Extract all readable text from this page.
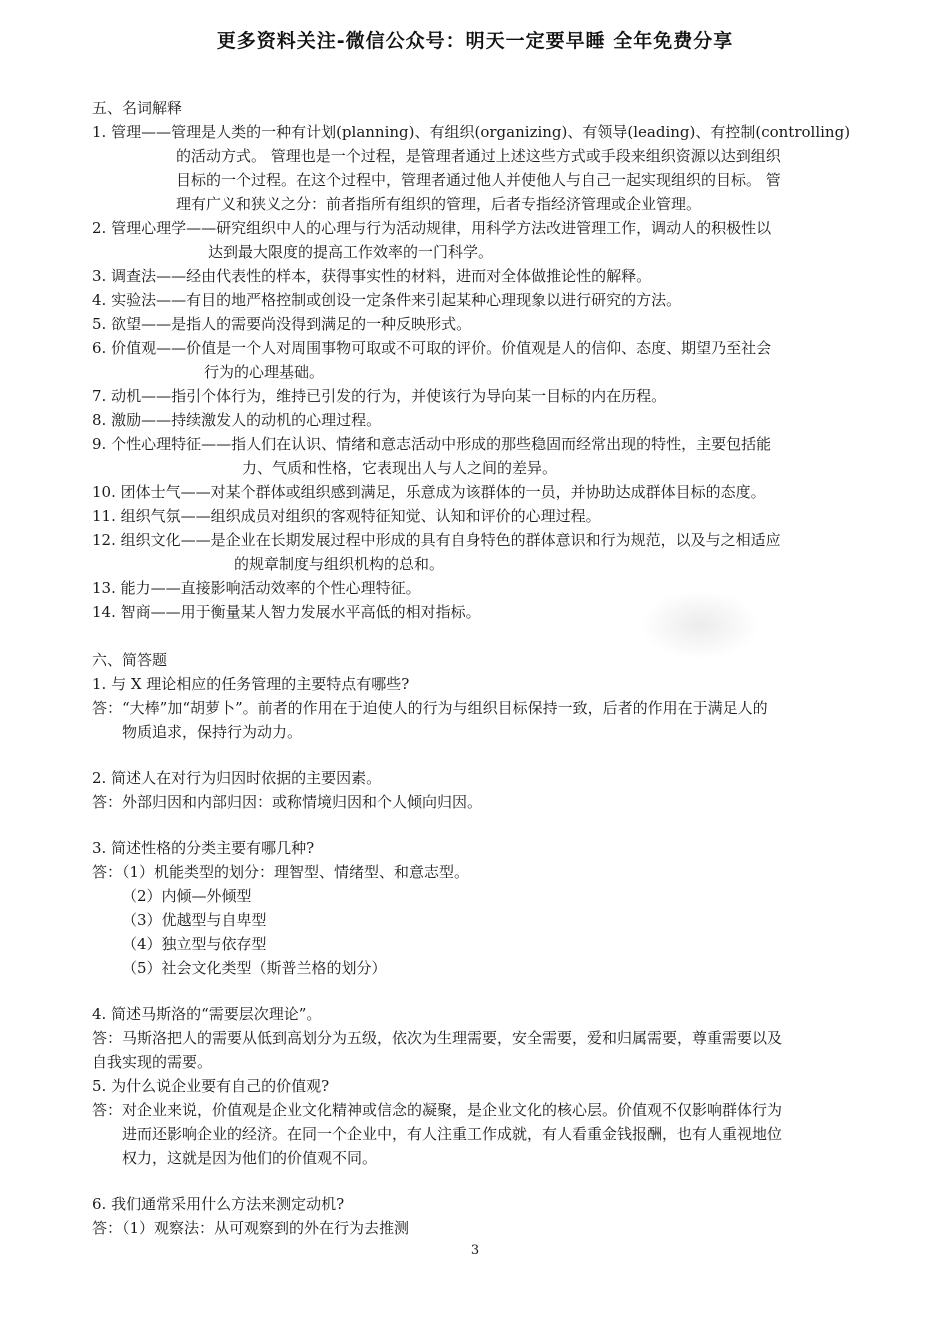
更多资料关注-微信公众号：明天一定要早睡 全年免费分享

五、名词解释

1. 管理——管理是人类的一种有计划(planning)、有组织(organizing)、有领导(leading)、有控制(controlling)
的活动方式。 管理也是一个过程，是管理者通过上述这些方式或手段来组织资源以达到组织
目标的一个过程。在这个过程中，管理者通过他人并使他人与自己一起实现组织的目标。 管
理有广义和狭义之分：前者指所有组织的管理，后者专指经济管理或企业管理。
2. 管理心理学——研究组织中人的心理与行为活动规律，用科学方法改进管理工作，调动人的积极性以
达到最大限度的提高工作效率的一门科学。
3. 调查法——经由代表性的样本，获得事实性的材料，进而对全体做推论性的解释。
4. 实验法——有目的地严格控制或创设一定条件来引起某种心理现象以进行研究的方法。
5. 欲望——是指人的需要尚没得到满足的一种反映形式。
6. 价值观——价值是一个人对周围事物可取或不可取的评价。价值观是人的信仰、态度、期望乃至社会
行为的心理基础。
7. 动机——指引个体行为，维持已引发的行为，并使该行为导向某一目标的内在历程。
8. 激励——持续激发人的动机的心理过程。
9. 个性心理特征——指人们在认识、情绪和意志活动中形成的那些稳固而经常出现的特性，主要包括能
力、气质和性格，它表现出人与人之间的差异。
10. 团体士气——对某个群体或组织感到满足，乐意成为该群体的一员，并协助达成群体目标的态度。
11. 组织气氛——组织成员对组织的客观特征知觉、认知和评价的心理过程。
12. 组织文化——是企业在长期发展过程中形成的具有自身特色的群体意识和行为规范，以及与之相适应
的规章制度与组织机构的总和。
13. 能力——直接影响活动效率的个性心理特征。
14. 智商——用于衡量某人智力发展水平高低的相对指标。

六、简答题

1. 与 X 理论相应的任务管理的主要特点有哪些?
答：“大棒”加“胡萝卜”。前者的作用在于迫使人的行为与组织目标保持一致，后者的作用在于满足人的
物质追求，保持行为动力。
2. 简述人在对行为归因时依据的主要因素。
答：外部归因和内部归因：或称情境归因和个人倾向归因。
3. 简述性格的分类主要有哪几种?
答：（1）机能类型的划分：理智型、情绪型、和意志型。
（2）内倾—外倾型
（3）优越型与自卑型
（4）独立型与依存型
（5）社会文化类型（斯普兰格的划分）
4. 简述马斯洛的“需要层次理论”。
答：马斯洛把人的需要从低到高划分为五级，依次为生理需要，安全需要，爱和归属需要，尊重需要以及
自我实现的需要。
5. 为什么说企业要有自己的价值观?
答：对企业来说，价值观是企业文化精神或信念的凝聚，是企业文化的核心层。价值观不仅影响群体行为
进而还影响企业的经济。在同一个企业中，有人注重工作成就，有人看重金钱报酬，也有人重视地位
权力，这就是因为他们的价值观不同。
6. 我们通常采用什么方法来测定动机?
答：（1）观察法：从可观察到的外在行为去推测
3
